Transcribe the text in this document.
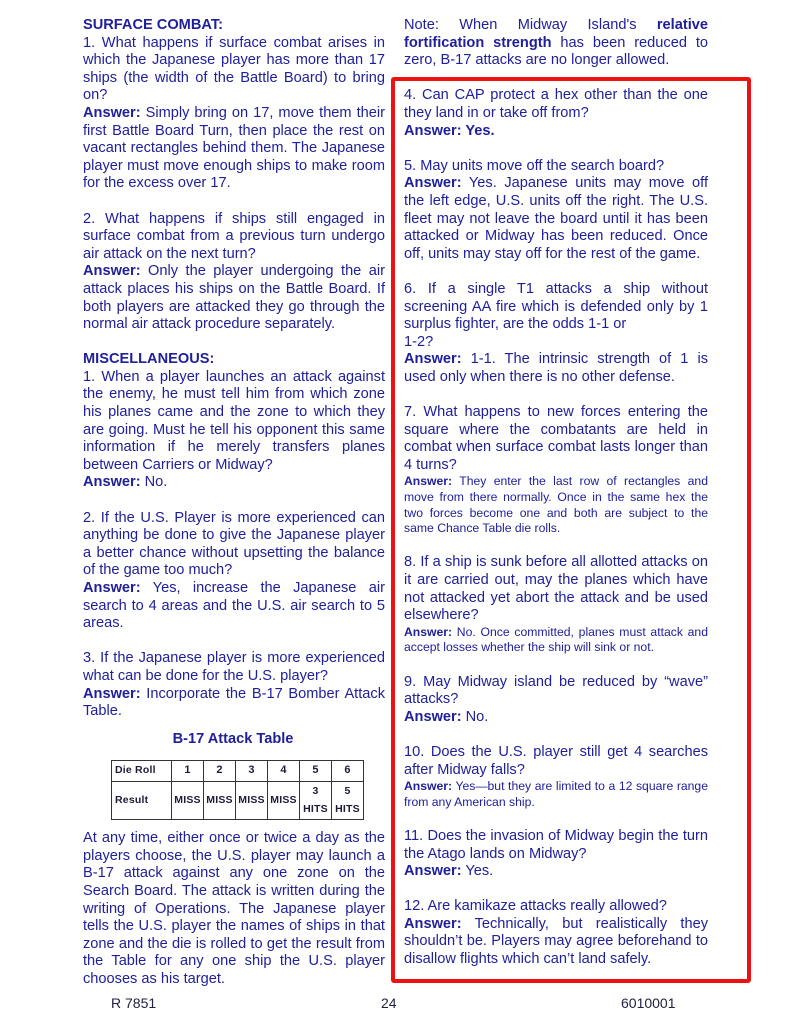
SURFACE COMBAT:

1. What happens if surface combat arises in which the Japanese player has more than 17 ships (the width of the Battle Board) to bring on?

Answer: Simply bring on 17, move them their first Battle Board Turn, then place the rest on vacant rectangles behind them. The Japanese player must move enough ships to make room for the excess over 17.

2. What happens if ships still engaged in surface combat from a previous turn undergo air attack on the next turn?

Answer: Only the player undergoing the air attack places his ships on the Battle Board. If both players are attacked they go through the normal air attack procedure separately.

MISCELLANEOUS:

1. When a player launches an attack against the enemy, he must tell him from which zone his planes came and the zone to which they are going. Must he tell his opponent this same information if he merely transfers planes between Carriers or Midway?

Answer: No.

2. If the U.S. Player is more experienced can anything be done to give the Japanese player a better chance without upsetting the balance of the game too much?

Answer: Yes, increase the Japanese air search to 4 areas and the U.S. air search to 5 areas.

3. If the Japanese player is more experienced what can be done for the U.S. player?

Answer: Incorporate the B-17 Bomber Attack Table.

B-17 Attack Table

Die Roll	1	2	3	4	5	6
Result	MISS	MISS	MISS	MISS	3 HITS	5 HITS

At any time, either once or twice a day as the players choose, the U.S. player may launch a B-17 attack against any one zone on the Search Board. The attack is written during the writing of Operations. The Japanese player tells the U.S. player the names of ships in that zone and the die is rolled to get the result from the Table for any one ship the U.S. player chooses as his target.

Note: When Midway Island's relative fortification strength has been reduced to zero, B-17 attacks are no longer allowed.

4. Can CAP protect a hex other than the one they land in or take off from?

Answer: Yes.

5. May units move off the search board?

Answer: Yes. Japanese units may move off the left edge, U.S. units off the right. The U.S. fleet may not leave the board until it has been attacked or Midway has been reduced. Once off, units may stay off for the rest of the game.

6. If a single T1 attacks a ship without screening AA fire which is defended only by 1 surplus fighter, are the odds 1-1 or

1-2?

Answer: 1-1. The intrinsic strength of 1 is used only when there is no other defense.

7. What happens to new forces entering the square where the combatants are held in combat when surface combat lasts longer than 4 turns?

Answer: They enter the last row of rectangles and move from there normally. Once in the same hex the two forces become one and both are subject to the same Chance Table die rolls.

8. If a ship is sunk before all allotted attacks on it are carried out, may the planes which have not attacked yet abort the attack and be used elsewhere?

Answer: No. Once committed, planes must attack and accept losses whether the ship will sink or not.

9. May Midway island be reduced by “wave” attacks?

Answer: No.

10. Does the U.S. player still get 4 searches after Midway falls?

Answer: Yes—but they are limited to a 12 square range from any American ship.

11. Does the invasion of Midway begin the turn the Atago lands on Midway?

Answer: Yes.

12. Are kamikaze attacks really allowed?

Answer: Technically, but realistically they shouldn’t be. Players may agree beforehand to disallow flights which can’t land safely.

R 7851	24	6010001
